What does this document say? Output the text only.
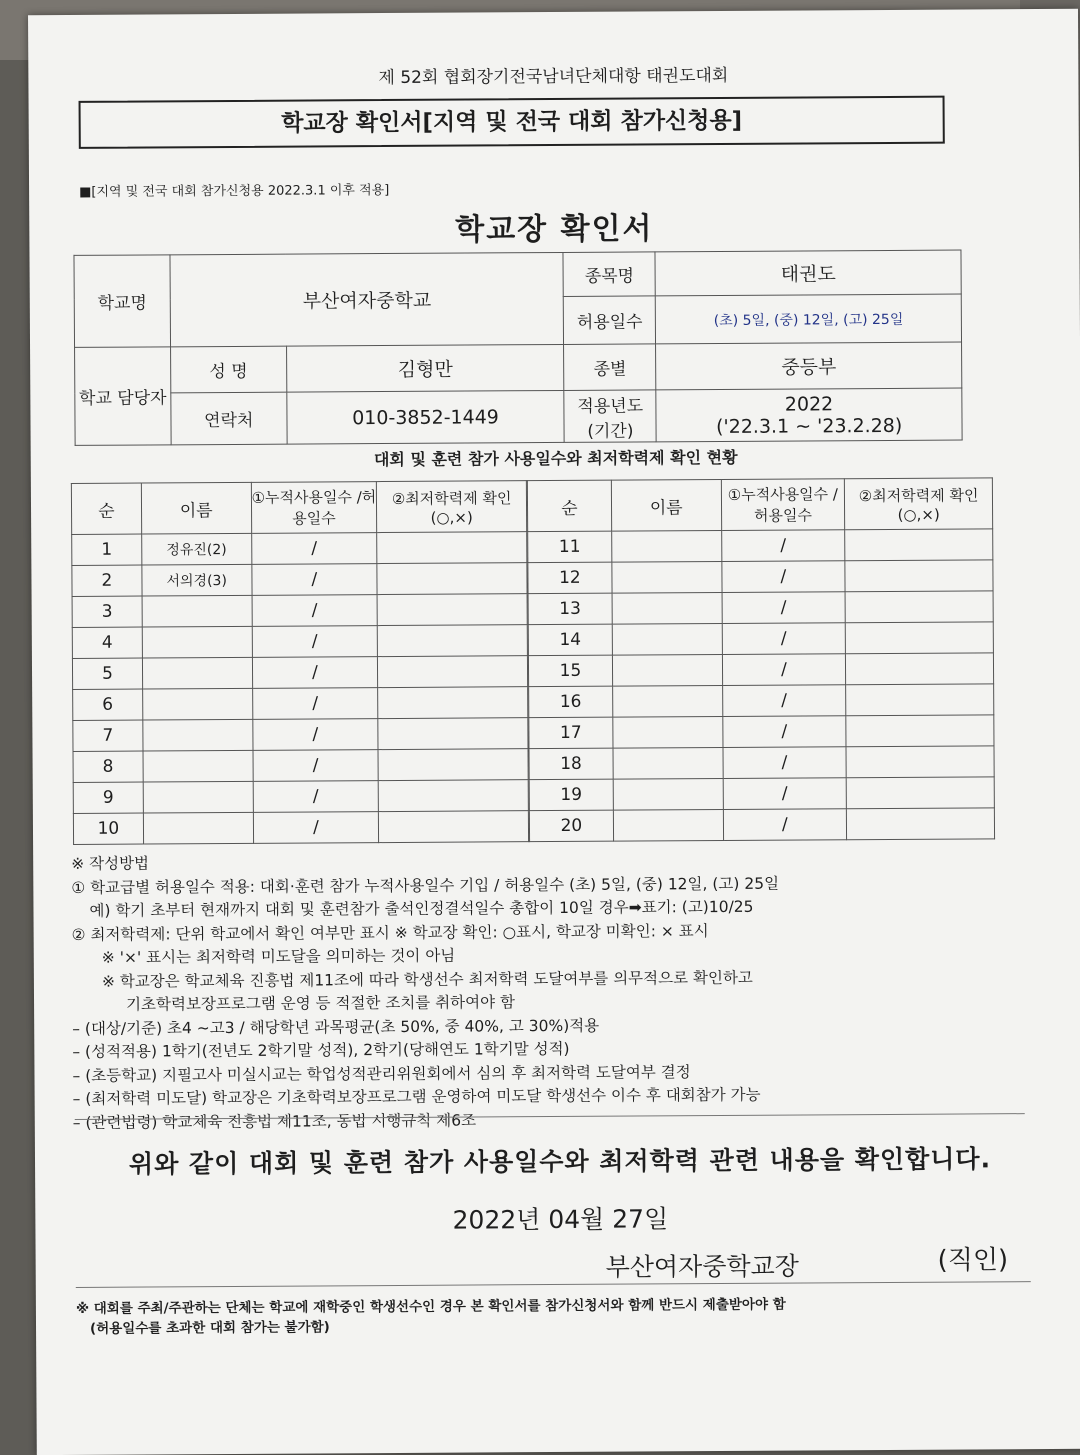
제 52회 협회장기전국남녀단체대항 태권도대회
학교장 확인서[지역 및 전국 대회 참가신청용]
■[지역 및 전국 대회 참가신청용 2022.3.1 이후 적용]
학교장 확인서
학교명	부산여자중학교		종목명	태권도
			허용일수	(초) 5일, (중) 12일, (고) 25일
학교 담당자	성 명	김형만	종별	중등부
	연락처	010-3852-1449	적용년도 (기간)	2022
('22.3.1 ~ '23.2.28)
대회 및 훈련 참가 사용일수와 최저학력제 확인 현황
순	이름	①누적사용일수 /허용일수	②최저학력제 확인(○,×)
1	정유진(2)	/	
2	서의경(3)	/	
3		/	
4		/	
5		/	
6		/	
7		/	
8		/	
9		/	
10		/	
순	이름	①누적사용일수 /허용일수	②최저학력제 확인(○,×)
11		/	
12		/	
13		/	
14		/	
15		/	
16		/	
17		/	
18		/	
19		/	
20		/	

※ 작성방법

① 학교급별 허용일수 적용: 대회·훈련 참가 누적사용일수 기입 / 허용일수 (초) 5일, (중) 12일, (고) 25일

예) 학기 초부터 현재까지 대회 및 훈련참가 출석인정결석일수 총합이 10일 경우➡표기: (고)10/25

② 최저학력제: 단위 학교에서 확인 여부만 표시 ※ 학교장 확인: ○표시, 학교장 미확인: × 표시

※ '×' 표시는 최저학력 미도달을 의미하는 것이 아님

※ 학교장은 학교체육 진흥법 제11조에 따라 학생선수 최저학력 도달여부를 의무적으로 확인하고

기초학력보장프로그램 운영 등 적절한 조치를 취하여야 함

– (대상/기준) 초4 ~고3 / 해당학년 과목평균(초 50%, 중 40%, 고 30%)적용

– (성적적용) 1학기(전년도 2학기말 성적), 2학기(당해연도 1학기말 성적)

– (초등학교) 지필고사 미실시교는 학업성적관리위원회에서 심의 후 최저학력 도달여부 결정

– (최저학력 미도달) 학교장은 기초학력보장프로그램 운영하여 미도달 학생선수 이수 후 대회참가 가능

– (관련법령) 학교체육 진흥법 제11조, 동법 시행규칙 제6조

위와 같이 대회 및 훈련 참가 사용일수와 최저학력 관련 내용을 확인합니다.
2022년 04월 27일
부산여자중학교장	(직인)

※ 대회를 주최/주관하는 단체는 학교에 재학중인 학생선수인 경우 본 확인서를 참가신청서와 함께 반드시 제출받아야 함

(허용일수를 초과한 대회 참가는 불가함)
